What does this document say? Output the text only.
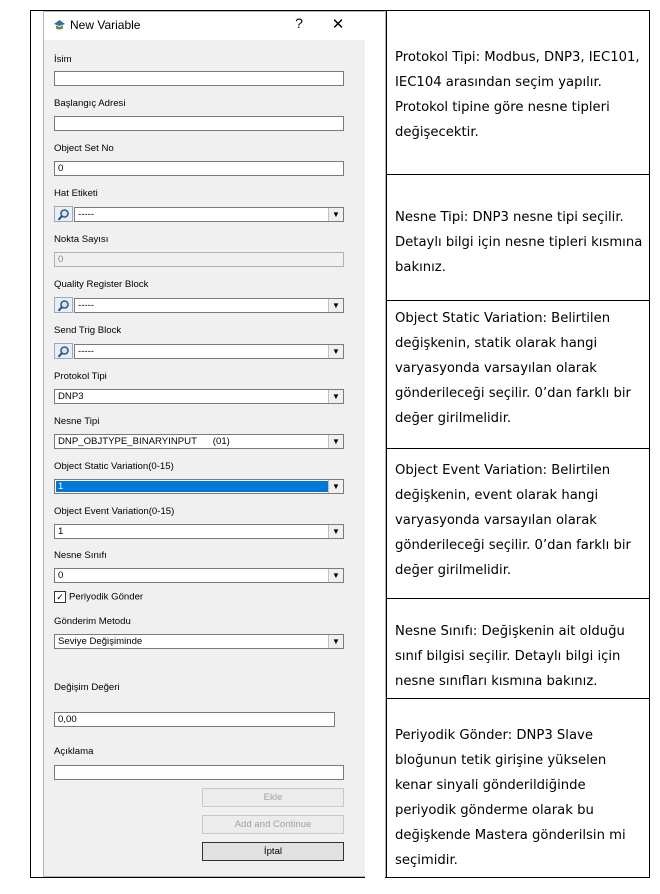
New Variable	?	✕
İsim
Başlangıç Adresi
Object Set No
0
Hat Etiketi
-----	▼
Nokta Sayısı
0
Quality Register Block
-----	▼
Send Trig Block
-----	▼
Protokol Tipi
DNP3	▼
Nesne Tipi
DNP_OBJTYPE_BINARYINPUT      (01)	▼
Object Static Variation(0-15)
1	▼
Object Event Variation(0-15)
1	▼
Nesne Sınıfı
0	▼
✓ Periyodik Gönder
Gönderim Metodu
Seviye Değişiminde	▼
Değişim Değeri
0,00
Açıklama
Ekle
Add and Continue
İptal
Protokol Tipi: Modbus, DNP3, IEC101, IEC104 arasından seçim yapılır. Protokol tipine göre nesne tipleri değişecektir.
Nesne Tipi: DNP3 nesne tipi seçilir. Detaylı bilgi için nesne tipleri kısmına bakınız.
Object Static Variation: Belirtilen değişkenin, statik olarak hangi varyasyonda varsayılan olarak gönderileceği seçilir. 0’dan farklı bir değer girilmelidir.
Object Event Variation: Belirtilen değişkenin, event olarak hangi varyasyonda varsayılan olarak gönderileceği seçilir. 0’dan farklı bir değer girilmelidir.
Nesne Sınıfı: Değişkenin ait olduğu sınıf bilgisi seçilir. Detaylı bilgi için nesne sınıfları kısmına bakınız.
Periyodik Gönder: DNP3 Slave bloğunun tetik girişine yükselen kenar sinyali gönderildiğinde periyodik gönderme olarak bu değişkende Mastera gönderilsin mi seçimidir.
